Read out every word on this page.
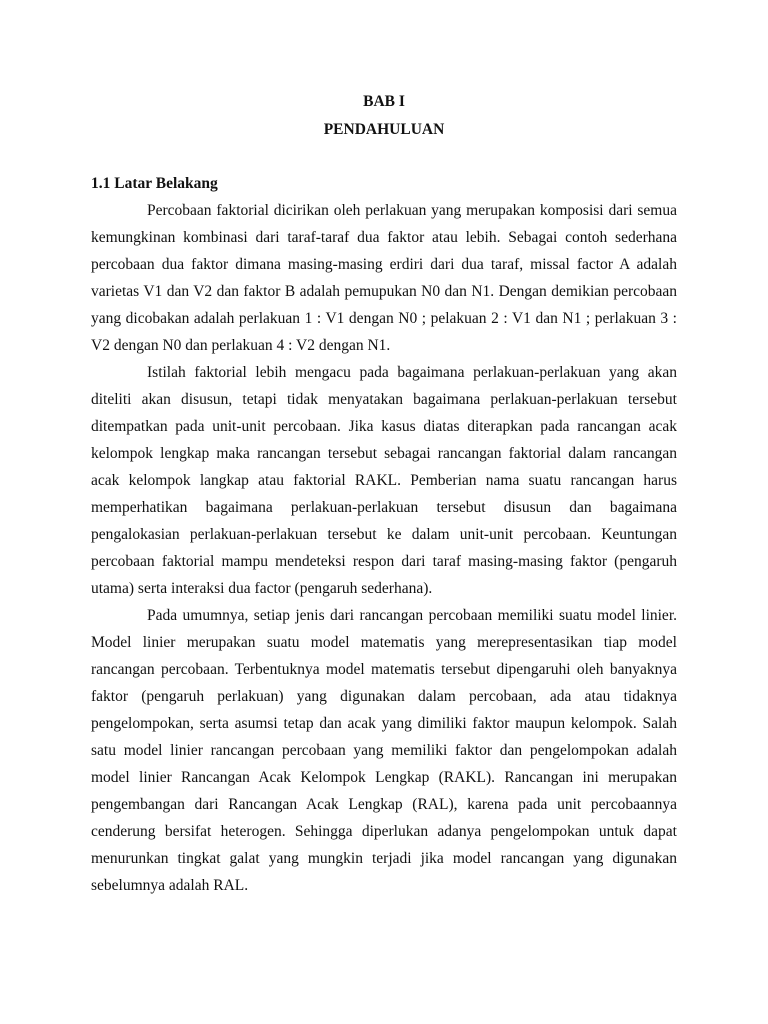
BAB I
PENDAHULUAN
1.1 Latar Belakang

Percobaan faktorial dicirikan oleh perlakuan yang merupakan komposisi dari semua kemungkinan kombinasi dari taraf-taraf dua faktor atau lebih. Sebagai contoh sederhana percobaan dua faktor dimana masing-masing erdiri dari dua taraf, missal factor A adalah varietas V1 dan V2 dan faktor B adalah pemupukan N0 dan N1. Dengan demikian percobaan yang dicobakan adalah perlakuan 1 : V1 dengan N0 ; pelakuan 2 : V1 dan N1 ; perlakuan 3 : V2 dengan N0 dan perlakuan 4 : V2 dengan N1.

Istilah faktorial lebih mengacu pada bagaimana perlakuan-perlakuan yang akan diteliti akan disusun, tetapi tidak menyatakan bagaimana perlakuan-perlakuan tersebut ditempatkan pada unit-unit percobaan. Jika kasus diatas diterapkan pada rancangan acak kelompok lengkap maka rancangan tersebut sebagai rancangan faktorial dalam rancangan acak kelompok langkap atau faktorial RAKL. Pemberian nama suatu rancangan harus memperhatikan bagaimana perlakuan-perlakuan tersebut disusun dan bagaimana pengalokasian perlakuan-perlakuan tersebut ke dalam unit-unit percobaan. Keuntungan percobaan faktorial mampu mendeteksi respon dari taraf masing-masing faktor (pengaruh utama) serta interaksi dua factor (pengaruh sederhana).

Pada umumnya, setiap jenis dari rancangan percobaan memiliki suatu model linier. Model linier merupakan suatu model matematis yang merepresentasikan tiap model rancangan percobaan. Terbentuknya model matematis tersebut dipengaruhi oleh banyaknya faktor (pengaruh perlakuan) yang digunakan dalam percobaan, ada atau tidaknya pengelompokan, serta asumsi tetap dan acak yang dimiliki faktor maupun kelompok. Salah satu model linier rancangan percobaan yang memiliki faktor dan pengelompokan adalah model linier Rancangan Acak Kelompok Lengkap (RAKL). Rancangan ini merupakan pengembangan dari Rancangan Acak Lengkap (RAL), karena pada unit percobaannya cenderung bersifat heterogen. Sehingga diperlukan adanya pengelompokan untuk dapat menurunkan tingkat galat yang mungkin terjadi jika model rancangan yang digunakan sebelumnya adalah RAL.
